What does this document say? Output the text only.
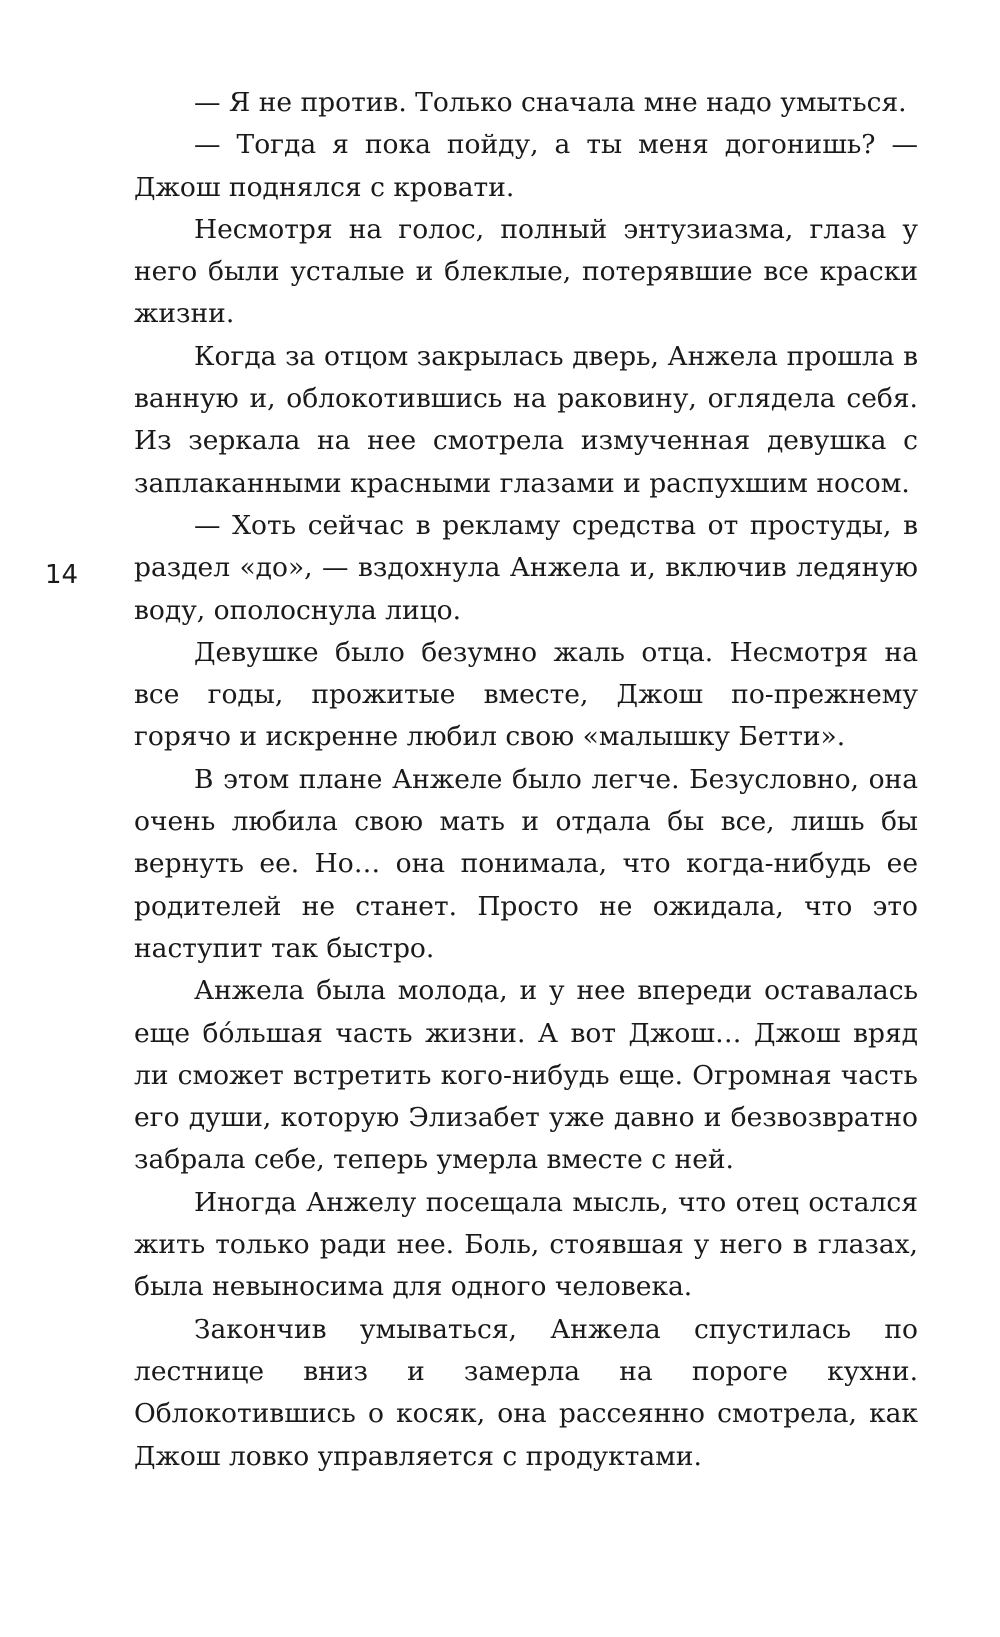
14

— Я не против. Только сначала мне надо умыться.

— Тогда я пока пойду, а ты меня догонишь? — Джош поднялся с кровати.

Несмотря на голос, полный энтузиазма, глаза у него были усталые и блеклые, потерявшие все краски жизни.

Когда за отцом закрылась дверь, Анжела прошла в ванную и, облокотившись на раковину, оглядела себя. Из зеркала на нее смотрела измученная девушка с заплаканными красными глазами и распухшим носом.

— Хоть сейчас в рекламу средства от простуды, в раздел «до», — вздохнула Анжела и, включив ледяную воду, ополоснула лицо.

Девушке было безумно жаль отца. Несмотря на все годы, прожитые вместе, Джош по-прежнему горячо и искренне любил свою «малышку Бетти».

В этом плане Анжеле было легче. Безусловно, она очень любила свою мать и отдала бы все, лишь бы вернуть ее. Но… она понимала, что когда-нибудь ее родителей не станет. Просто не ожидала, что это наступит так быстро.

Анжела была молода, и у нее впереди оставалась еще бóльшая часть жизни. А вот Джош… Джош вряд ли сможет встретить кого-нибудь еще. Огромная часть его души, которую Элизабет уже давно и безвозвратно забрала себе, теперь умерла вместе с ней.

Иногда Анжелу посещала мысль, что отец остался жить только ради нее. Боль, стоявшая у него в глазах, была невыносима для одного человека.

Закончив умываться, Анжела спустилась по лестнице вниз и замерла на пороге кухни. Облокотившись о косяк, она рассеянно смотрела, как Джош ловко управляется с продуктами.
